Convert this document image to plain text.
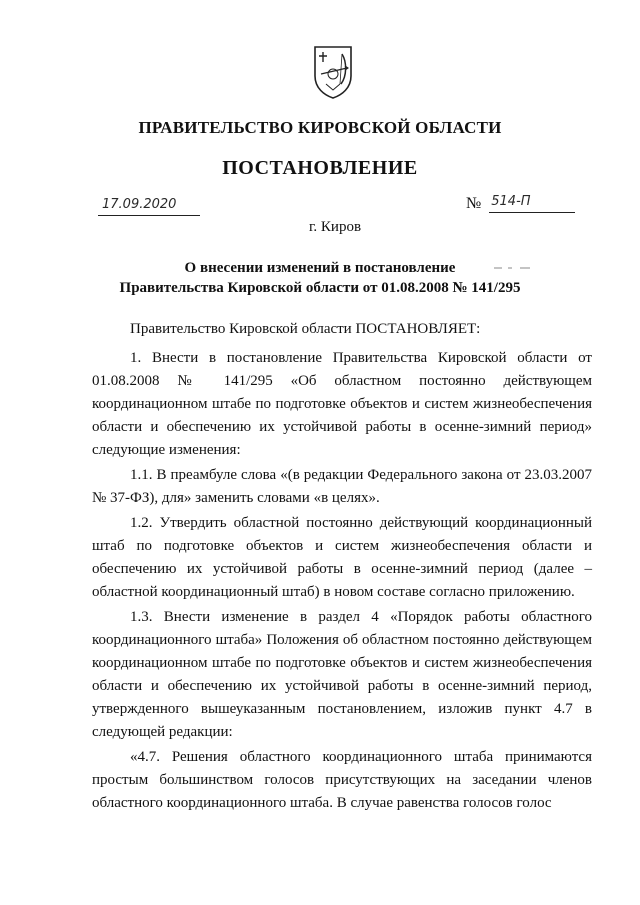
ПРАВИТЕЛЬСТВО КИРОВСКОЙ ОБЛАСТИ
ПОСТАНОВЛЕНИЕ
17.09.2020	№ 514-П
г. Киров
О внесении изменений в постановление
Правительства Кировской области от 01.08.2008 № 141/295

Правительство Кировской области ПОСТАНОВЛЯЕТ:

1. Внести в постановление Правительства Кировской области от 01.08.2008 № 141/295 «Об областном постоянно действующем координационном штабе по подготовке объектов и систем жизнеобеспечения области и обеспечению их устойчивой работы в осенне-зимний период» следующие изменения:

1.1. В преамбуле слова «(в редакции Федерального закона от 23.03.2007 № 37-ФЗ), для» заменить словами «в целях».

1.2. Утвердить областной постоянно действующий координационный штаб по подготовке объектов и систем жизнеобеспечения области и обеспечению их устойчивой работы в осенне-зимний период (далее – областной координационный штаб) в новом составе согласно приложению.

1.3. Внести изменение в раздел 4 «Порядок работы областного координационного штаба» Положения об областном постоянно действующем координационном штабе по подготовке объектов и систем жизнеобеспечения области и обеспечению их устойчивой работы в осенне-зимний период, утвержденного вышеуказанным постановлением, изложив пункт 4.7 в следующей редакции:

«4.7. Решения областного координационного штаба принимаются простым большинством голосов присутствующих на заседании членов областного координационного штаба. В случае равенства голосов голос
